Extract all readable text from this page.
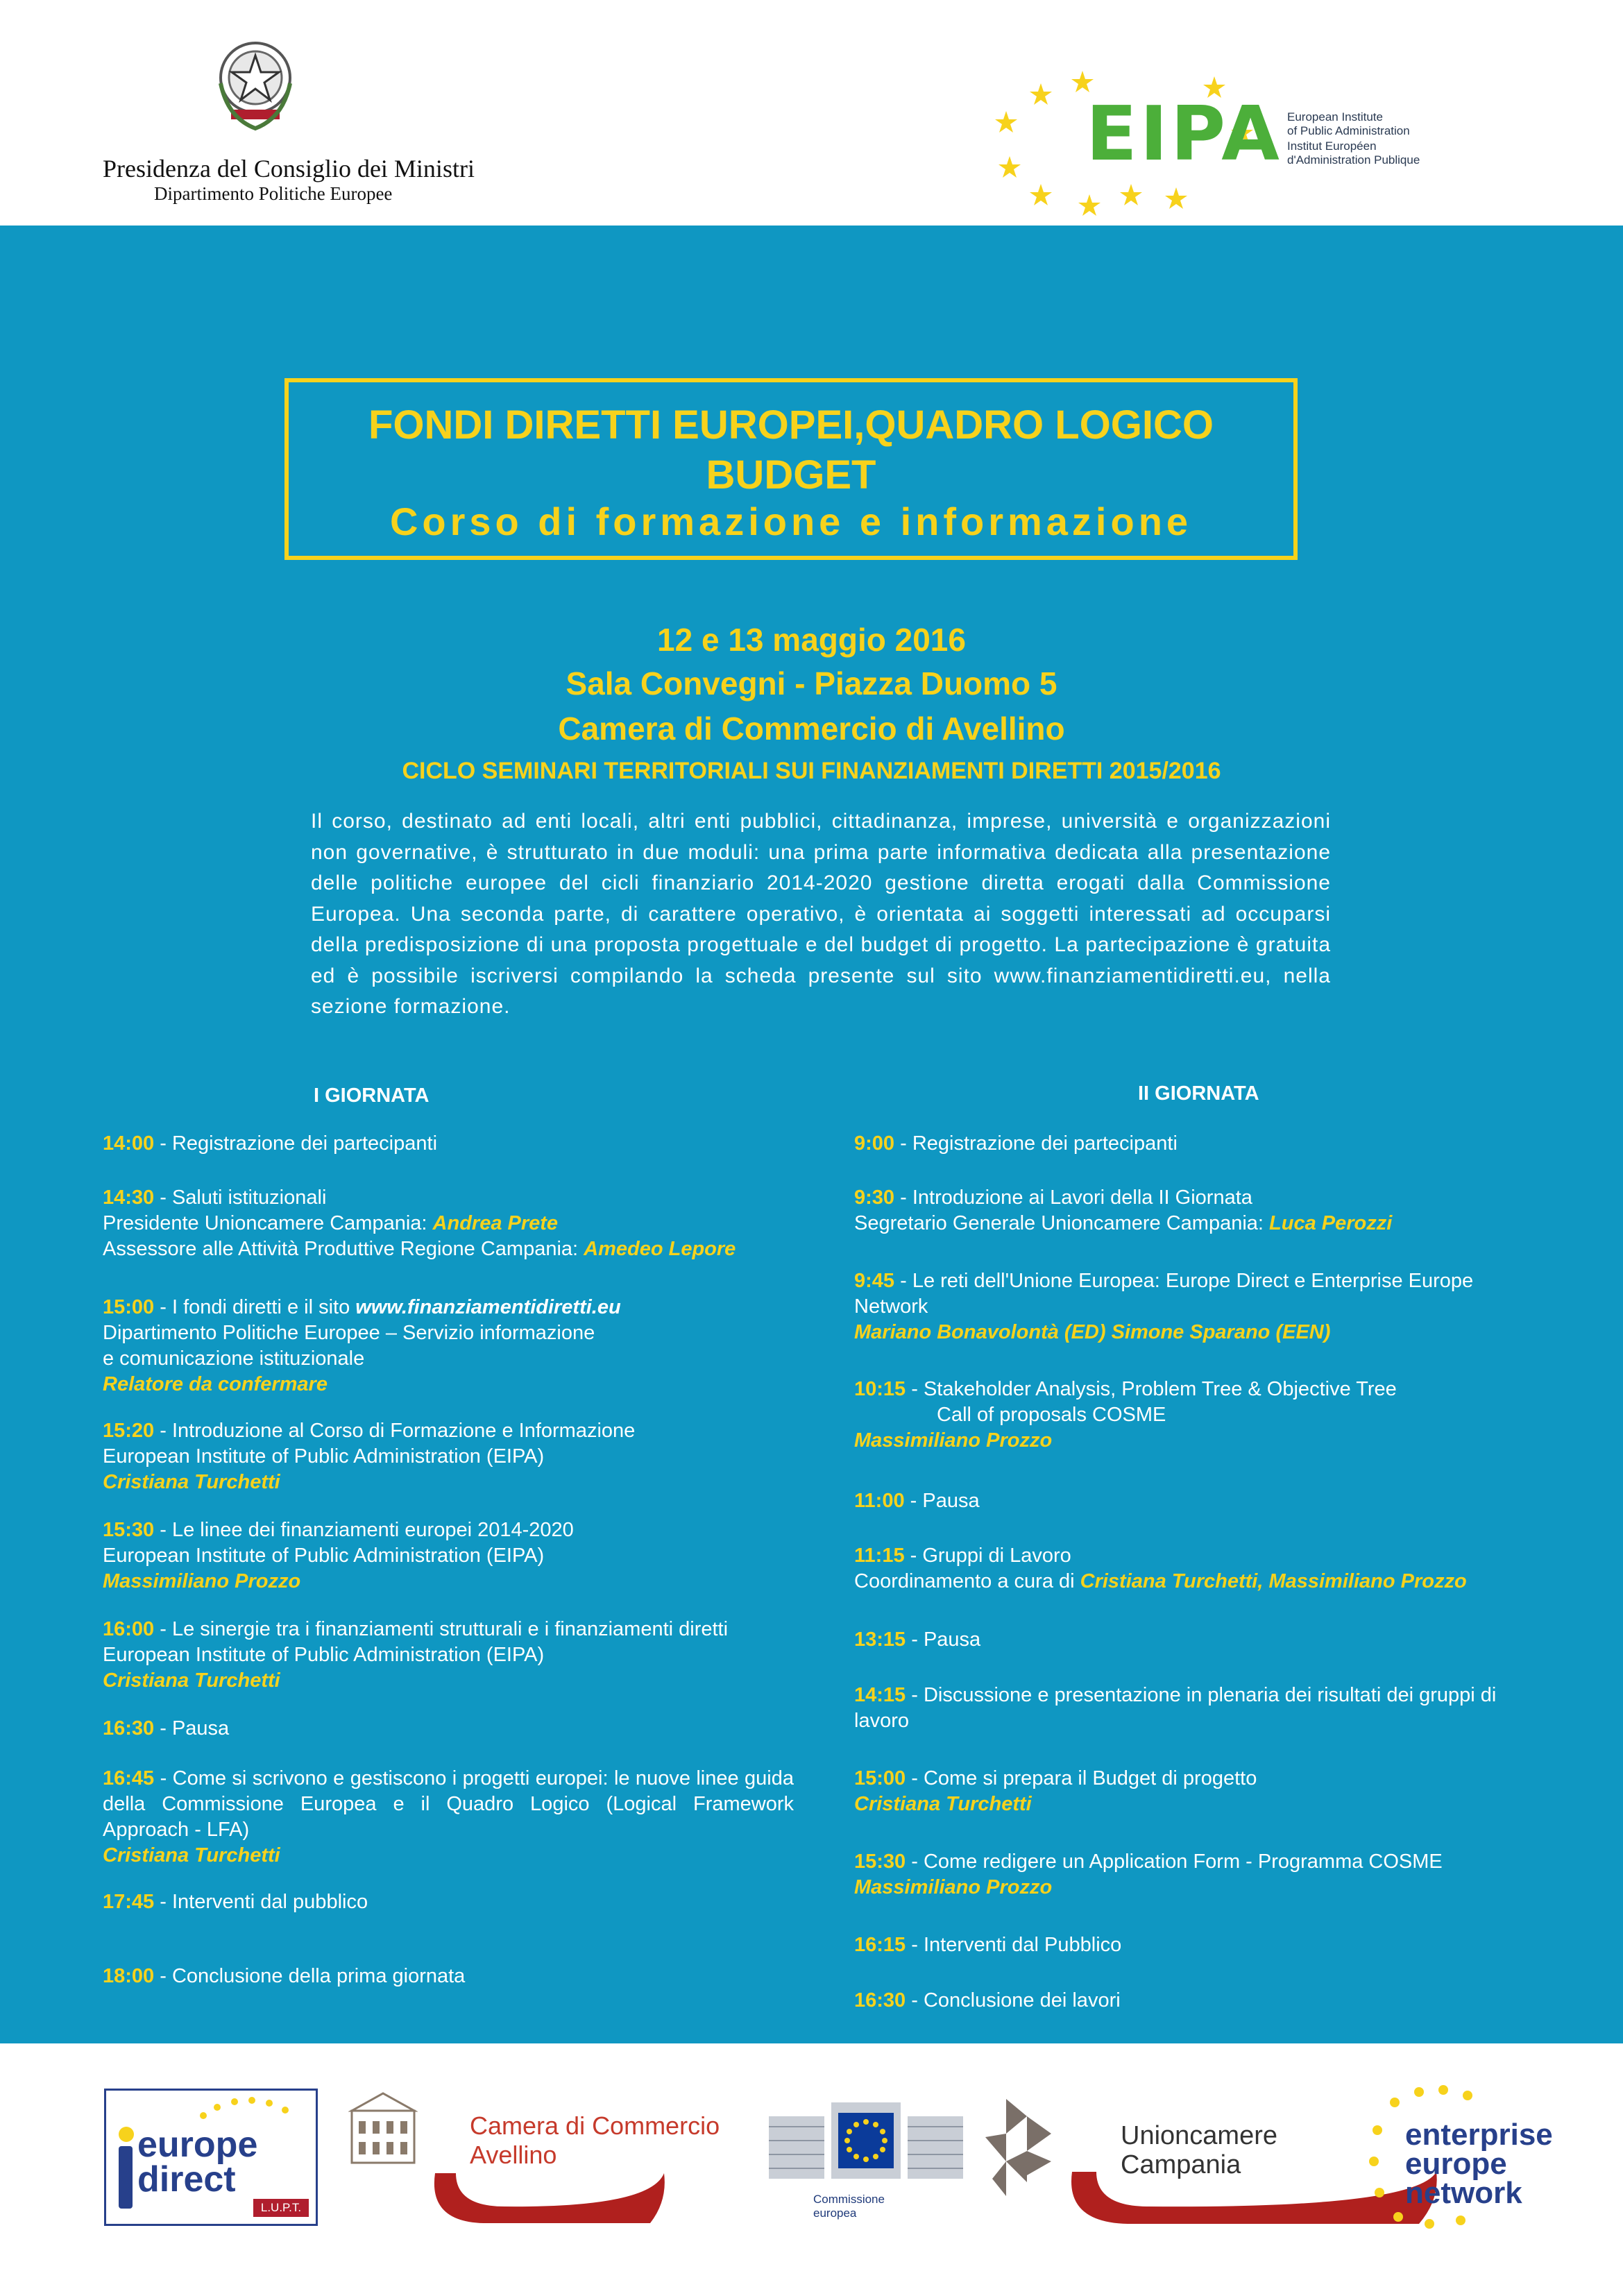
Presidenza del Consiglio dei Ministri
Dipartimento Politiche Europee
EIPA European Institute
of Public Administration
Institut Européen
d'Administration Publique
FONDI DIRETTI EUROPEI,QUADRO LOGICO
BUDGET
Corso di formazione e informazione
12 e 13 maggio 2016
Sala Convegni - Piazza Duomo 5
Camera di Commercio di Avellino
CICLO SEMINARI TERRITORIALI SUI FINANZIAMENTI DIRETTI 2015/2016
Il corso, destinato ad enti locali, altri enti pubblici, cittadinanza, imprese, università e organizzazioni non governative, è strutturato in due moduli: una prima parte informativa dedicata alla presentazione delle politiche europee del cicli finanziario 2014-2020 gestione diretta erogati dalla Commissione Europea. Una seconda parte, di carattere operativo, è orientata ai soggetti interessati ad occuparsi della predisposizione di una proposta progettuale e del budget di progetto. La partecipazione è gratuita ed è possibile iscriversi compilando la scheda presente sul sito www.finanziamentidiretti.eu, nella sezione formazione.
I GIORNATA	II GIORNATA
14:00 - Registrazione dei partecipanti
14:30 - Saluti istituzionali
Presidente Unioncamere Campania: Andrea Prete
Assessore alle Attività Produttive Regione Campania: Amedeo Lepore
15:00 - I fondi diretti e il sito www.finanziamentidiretti.eu
Dipartimento Politiche Europee – Servizio informazione
e comunicazione istituzionale
Relatore da confermare
15:20 - Introduzione al Corso di Formazione e Informazione
European Institute of Public Administration (EIPA)
Cristiana Turchetti
15:30 - Le linee dei finanziamenti europei 2014-2020
European Institute of Public Administration (EIPA)
Massimiliano Prozzo
16:00 - Le sinergie tra i finanziamenti strutturali e i finanziamenti diretti
European Institute of Public Administration (EIPA)
Cristiana Turchetti
16:30 - Pausa
16:45 - Come si scrivono e gestiscono i progetti europei: le nuove linee guida della Commissione Europea e il Quadro Logico (Logical Framework Approach - LFA)
Cristiana Turchetti
17:45 - Interventi dal pubblico
18:00 - Conclusione della prima giornata
9:00 - Registrazione dei partecipanti
9:30 - Introduzione ai Lavori della II Giornata
Segretario Generale Unioncamere Campania: Luca Perozzi
9:45 - Le reti dell'Unione Europea: Europe Direct e Enterprise Europe Network
Mariano Bonavolontà (ED) Simone Sparano (EEN)
10:15 - Stakeholder Analysis, Problem Tree & Objective Tree
Call of proposals COSME
Massimiliano Prozzo
11:00 - Pausa
11:15 - Gruppi di Lavoro
Coordinamento a cura di Cristiana Turchetti, Massimiliano Prozzo
13:15 - Pausa
14:15 - Discussione e presentazione in plenaria dei risultati dei gruppi di lavoro
15:00 - Come si prepara il Budget di progetto
Cristiana Turchetti
15:30 - Come redigere un Application Form - Programma COSME
Massimiliano Prozzo
16:15 - Interventi dal Pubblico
16:30 - Conclusione dei lavori
europe
direct
L.U.P.T.
Camera di Commercio
Avellino
Commissione
europea
Unioncamere
Campania
enterprise
europe
network
